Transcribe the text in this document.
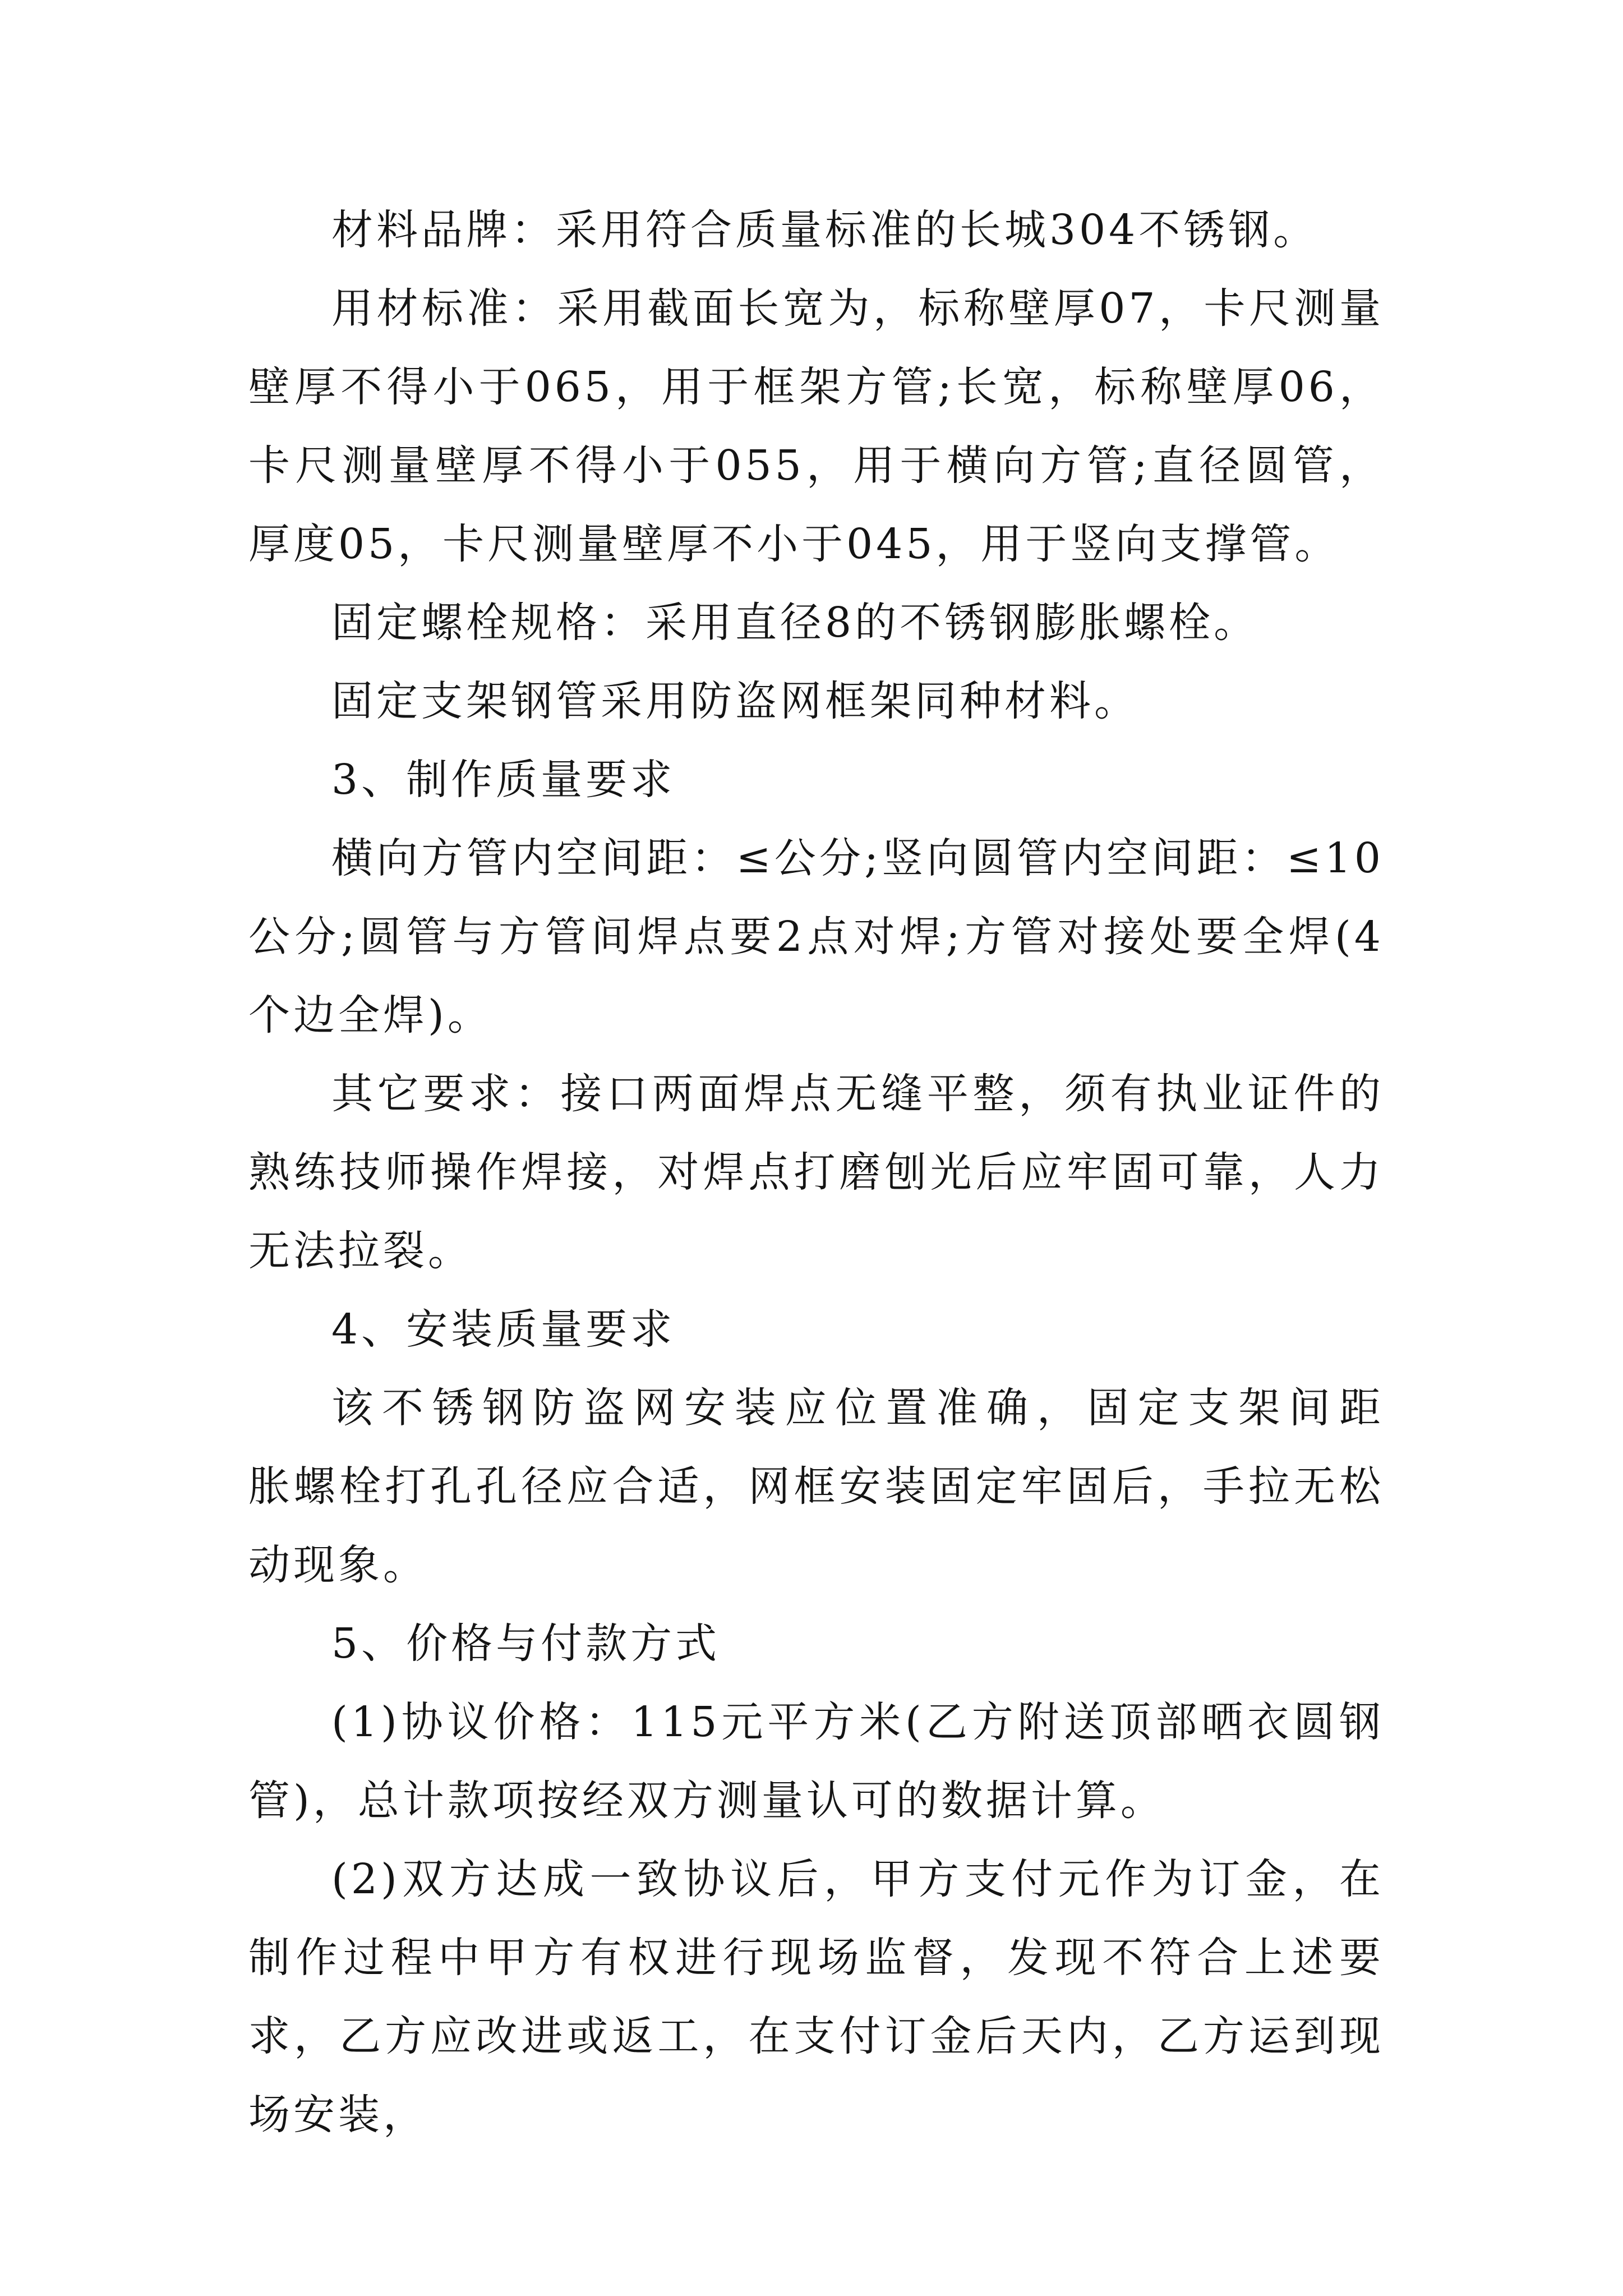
材料品牌：采用符合质量标准的长城304不锈钢。

用材标准：采用截面长宽为，标称壁厚07，卡尺测量壁厚不得小于065，用于框架方管;长宽，标称壁厚06，卡尺测量壁厚不得小于055，用于横向方管;直径圆管，厚度05，卡尺测量壁厚不小于045，用于竖向支撑管。

固定螺栓规格：采用直径8的不锈钢膨胀螺栓。

固定支架钢管采用防盗网框架同种材料。

3、制作质量要求

横向方管内空间距：≤公分;竖向圆管内空间距：≤10公分;圆管与方管间焊点要2点对焊;方管对接处要全焊(4个边全焊)。

其它要求：接口两面焊点无缝平整，须有执业证件的熟练技师操作焊接，对焊点打磨刨光后应牢固可靠，人力无法拉裂。

4、安装质量要求

该不锈钢防盗网安装应位置准确，固定支架间距　　胀螺栓打孔孔径应合适，网框安装固定牢固后，手拉无松动现象。

5、价格与付款方式

(1)协议价格：115元平方米(乙方附送顶部晒衣圆钢管)，总计款项按经双方测量认可的数据计算。

(2)双方达成一致协议后，甲方支付元作为订金，在制作过程中甲方有权进行现场监督，发现不符合上述要求，乙方应改进或返工，在支付订金后天内，乙方运到现场安装，
